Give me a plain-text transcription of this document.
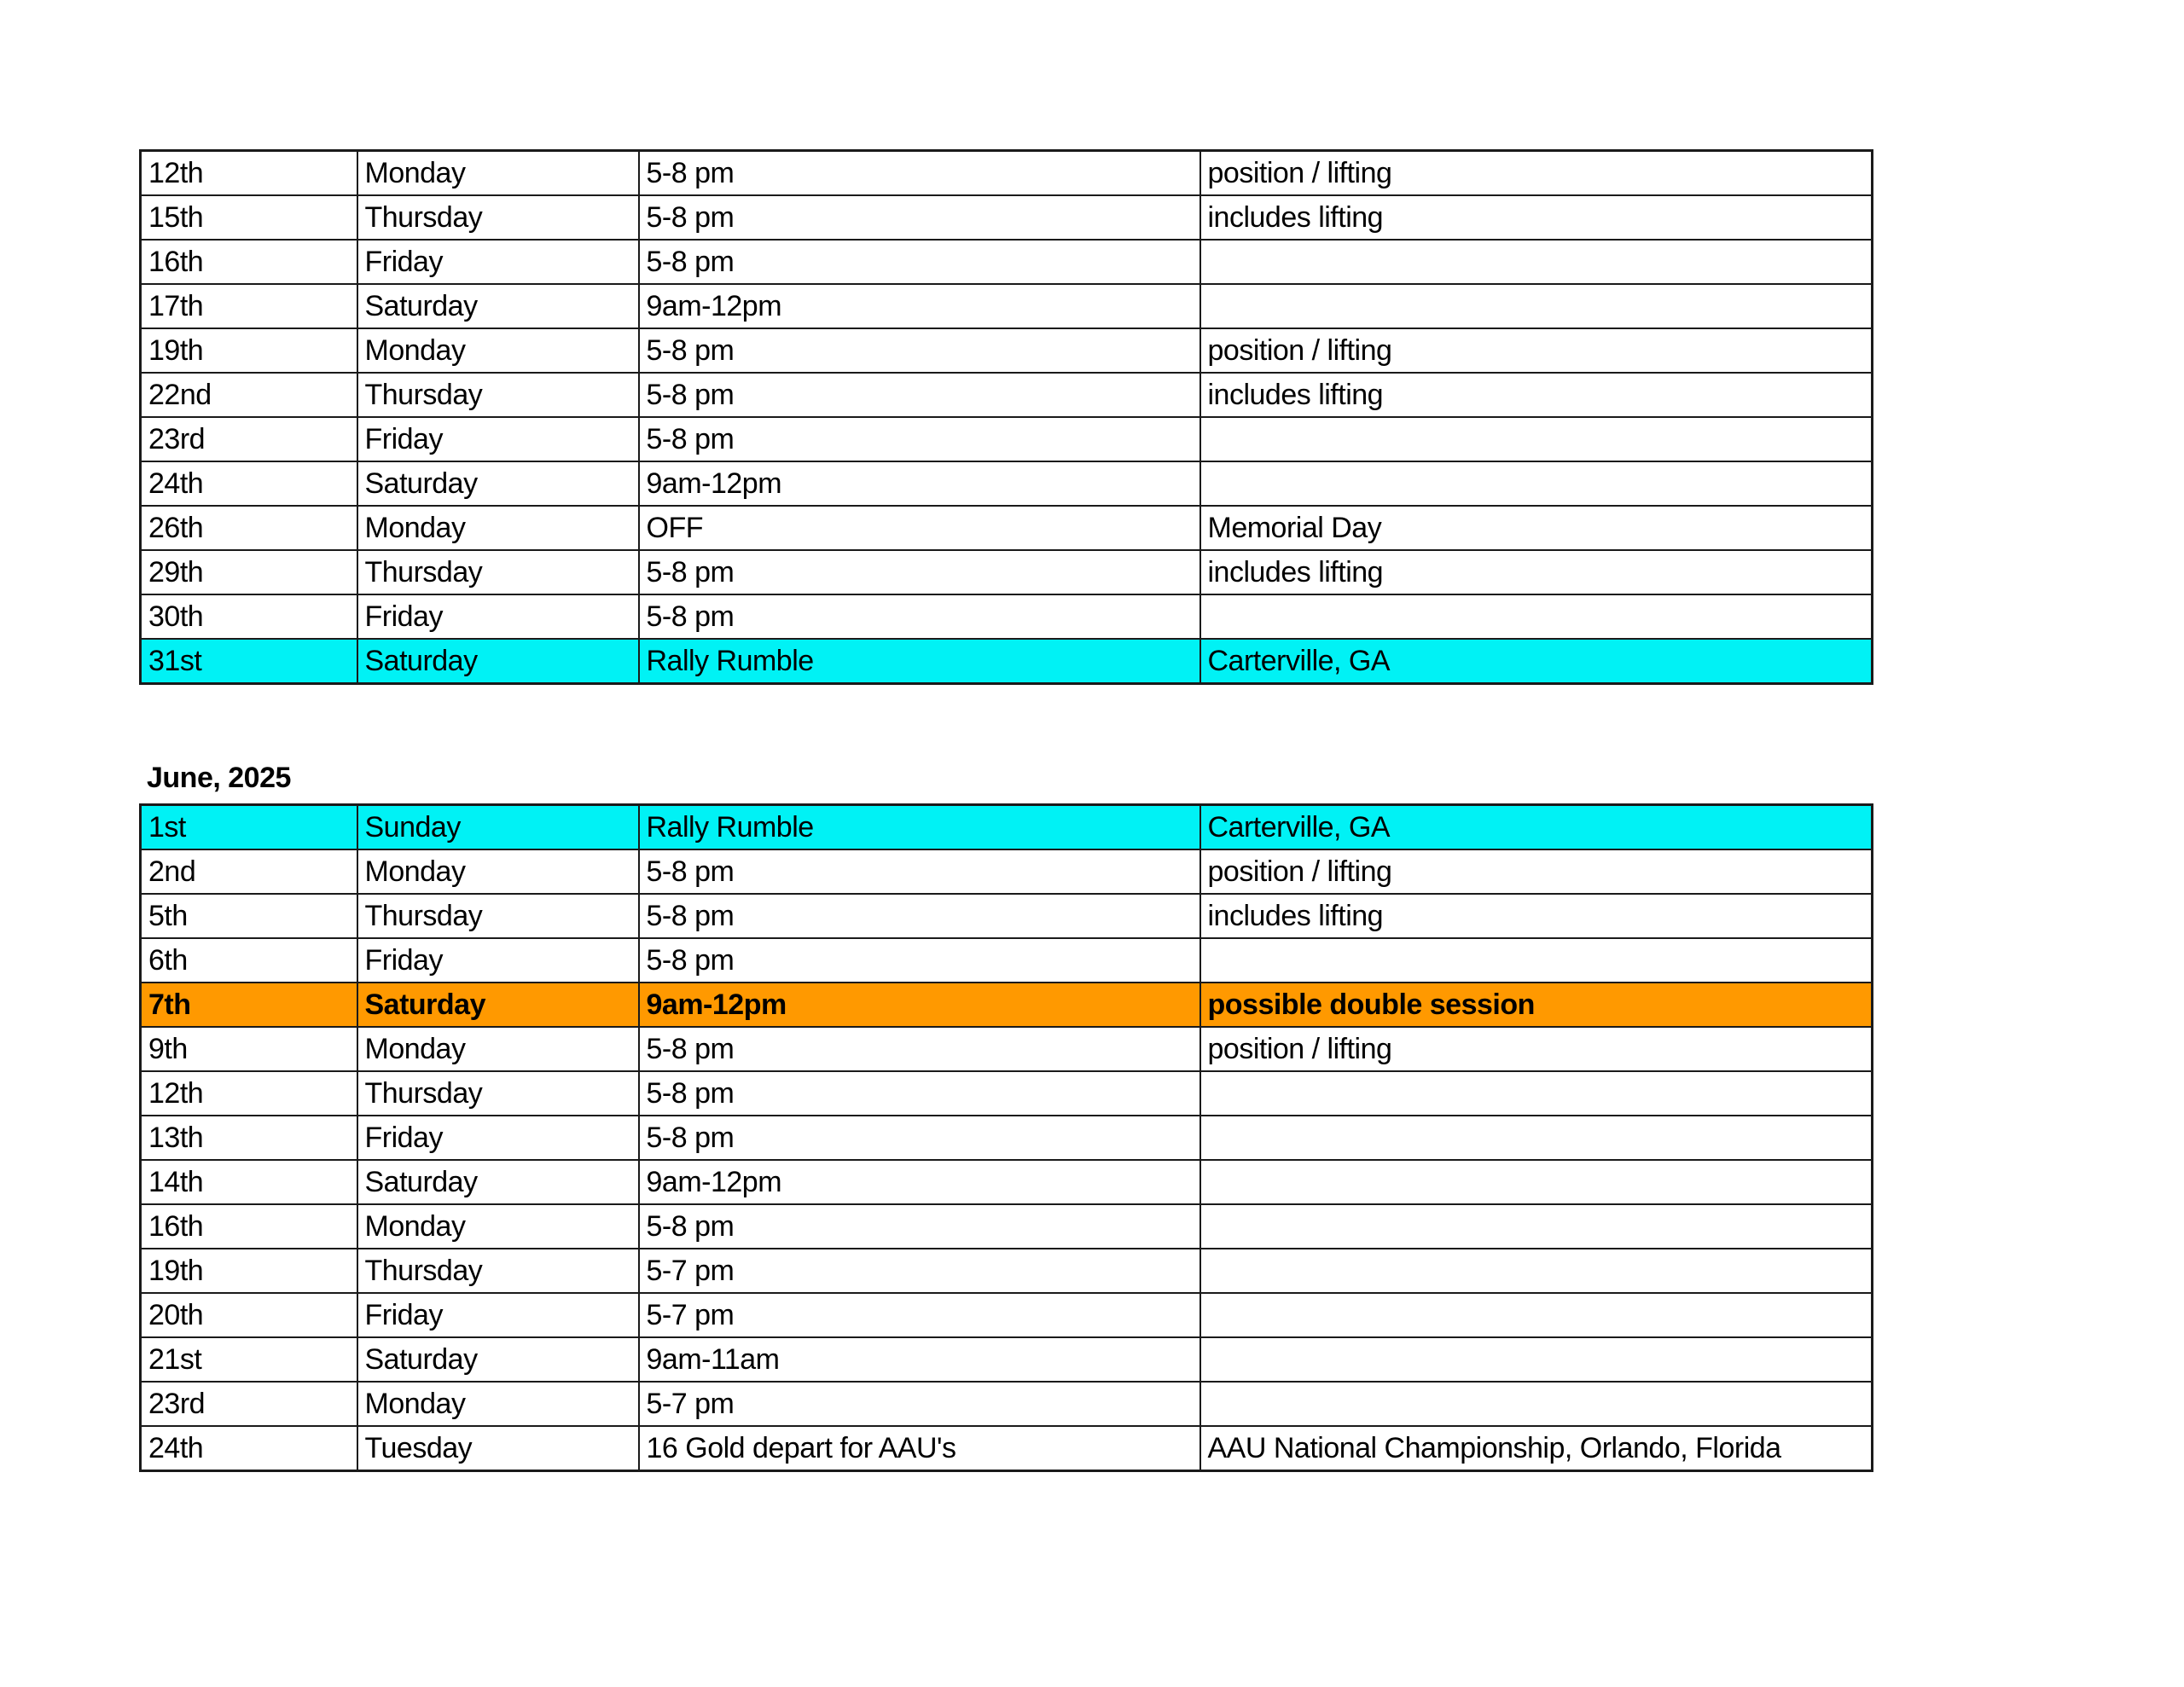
12th	Monday	5-8 pm	position / lifting
15th	Thursday	5-8 pm	includes lifting
16th	Friday	5-8 pm	
17th	Saturday	9am-12pm	
19th	Monday	5-8 pm	position / lifting
22nd	Thursday	5-8 pm	includes lifting
23rd	Friday	5-8 pm	
24th	Saturday	9am-12pm	
26th	Monday	OFF	Memorial Day
29th	Thursday	5-8 pm	includes lifting
30th	Friday	5-8 pm	
31st	Saturday	Rally Rumble	Carterville, GA
June, 2025
1st	Sunday	Rally Rumble	Carterville, GA
2nd	Monday	5-8 pm	position / lifting
5th	Thursday	5-8 pm	includes lifting
6th	Friday	5-8 pm	
7th	Saturday	9am-12pm	possible double session
9th	Monday	5-8 pm	position / lifting
12th	Thursday	5-8 pm	
13th	Friday	5-8 pm	
14th	Saturday	9am-12pm	
16th	Monday	5-8 pm	
19th	Thursday	5-7 pm	
20th	Friday	5-7 pm	
21st	Saturday	9am-11am	
23rd	Monday	5-7 pm	
24th	Tuesday	16 Gold depart for AAU's	AAU National Championship, Orlando, Florida
